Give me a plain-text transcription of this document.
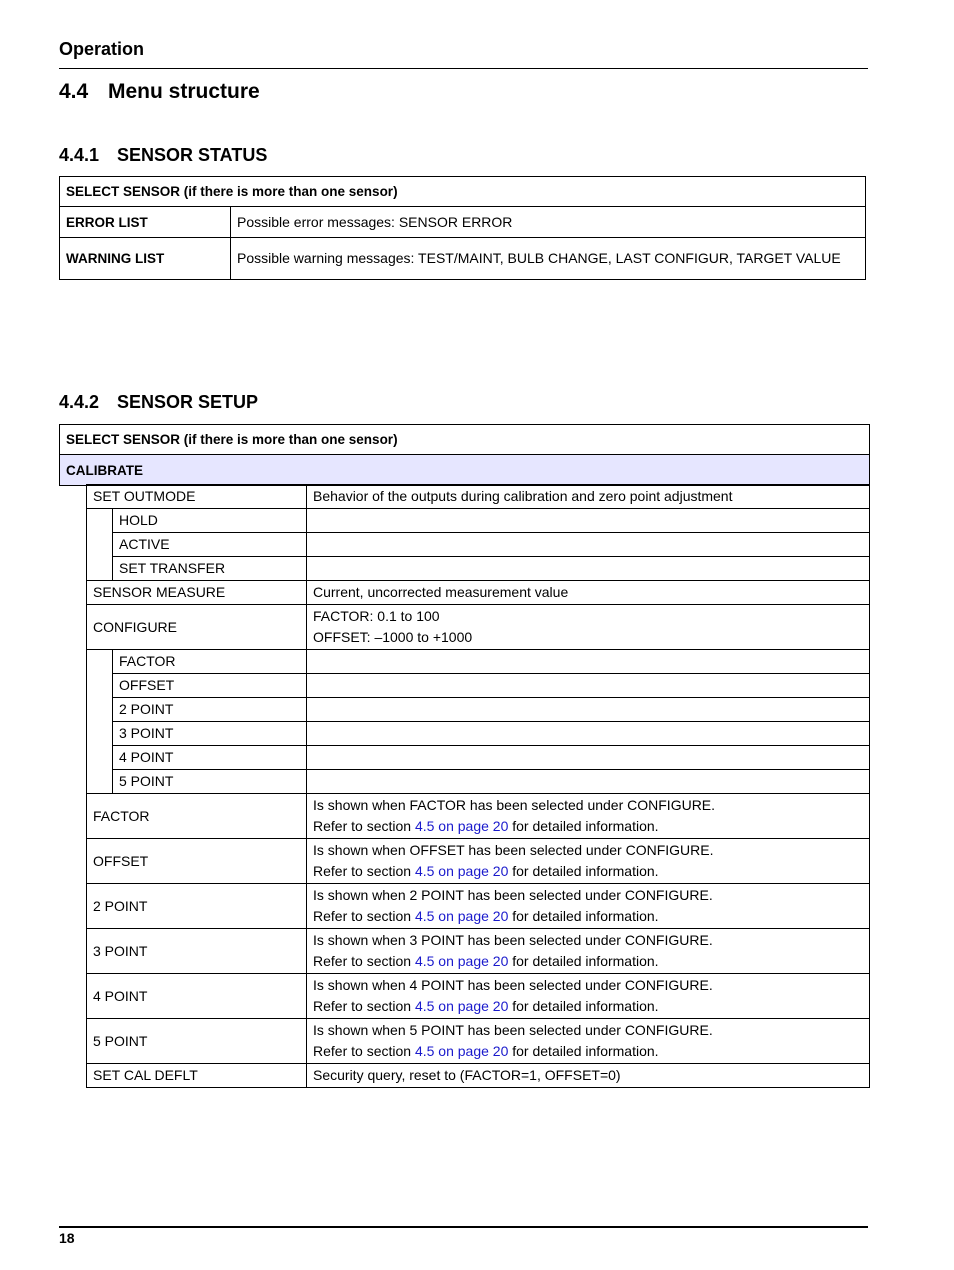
Operation
4.4 Menu structure
4.4.1 SENSOR STATUS
SELECT SENSOR (if there is more than one sensor)	
ERROR LIST	Possible error messages: SENSOR ERROR
WARNING LIST	Possible warning messages: TEST/MAINT, BULB CHANGE, LAST CONFIGUR, TARGET VALUE
4.4.2 SENSOR SETUP
SELECT SENSOR (if there is more than one sensor)
CALIBRATE
SET OUTMODE		Behavior of the outputs during calibration and zero point adjustment
	HOLD	
	ACTIVE	
	SET TRANSFER	
SENSOR MEASURE		Current, uncorrected measurement value
CONFIGURE		FACTOR: 0.1 to 100
OFFSET: –1000 to +1000

	FACTOR	
	OFFSET	
	2 POINT	
	3 POINT	
	4 POINT	
	5 POINT	
FACTOR	Is shown when FACTOR has been selected under CONFIGURE.
Refer to section 4.5 on page 20 for detailed information.

OFFSET	Is shown when OFFSET has been selected under CONFIGURE.
Refer to section 4.5 on page 20 for detailed information.

2 POINT	Is shown when 2 POINT has been selected under CONFIGURE.
Refer to section 4.5 on page 20 for detailed information.

3 POINT	Is shown when 3 POINT has been selected under CONFIGURE.
Refer to section 4.5 on page 20 for detailed information.

4 POINT	Is shown when 4 POINT has been selected under CONFIGURE.
Refer to section 4.5 on page 20 for detailed information.

5 POINT	Is shown when 5 POINT has been selected under CONFIGURE.
Refer to section 4.5 on page 20 for detailed information.

SET CAL DEFLT	Security query, reset to (FACTOR=1, OFFSET=0)
18
